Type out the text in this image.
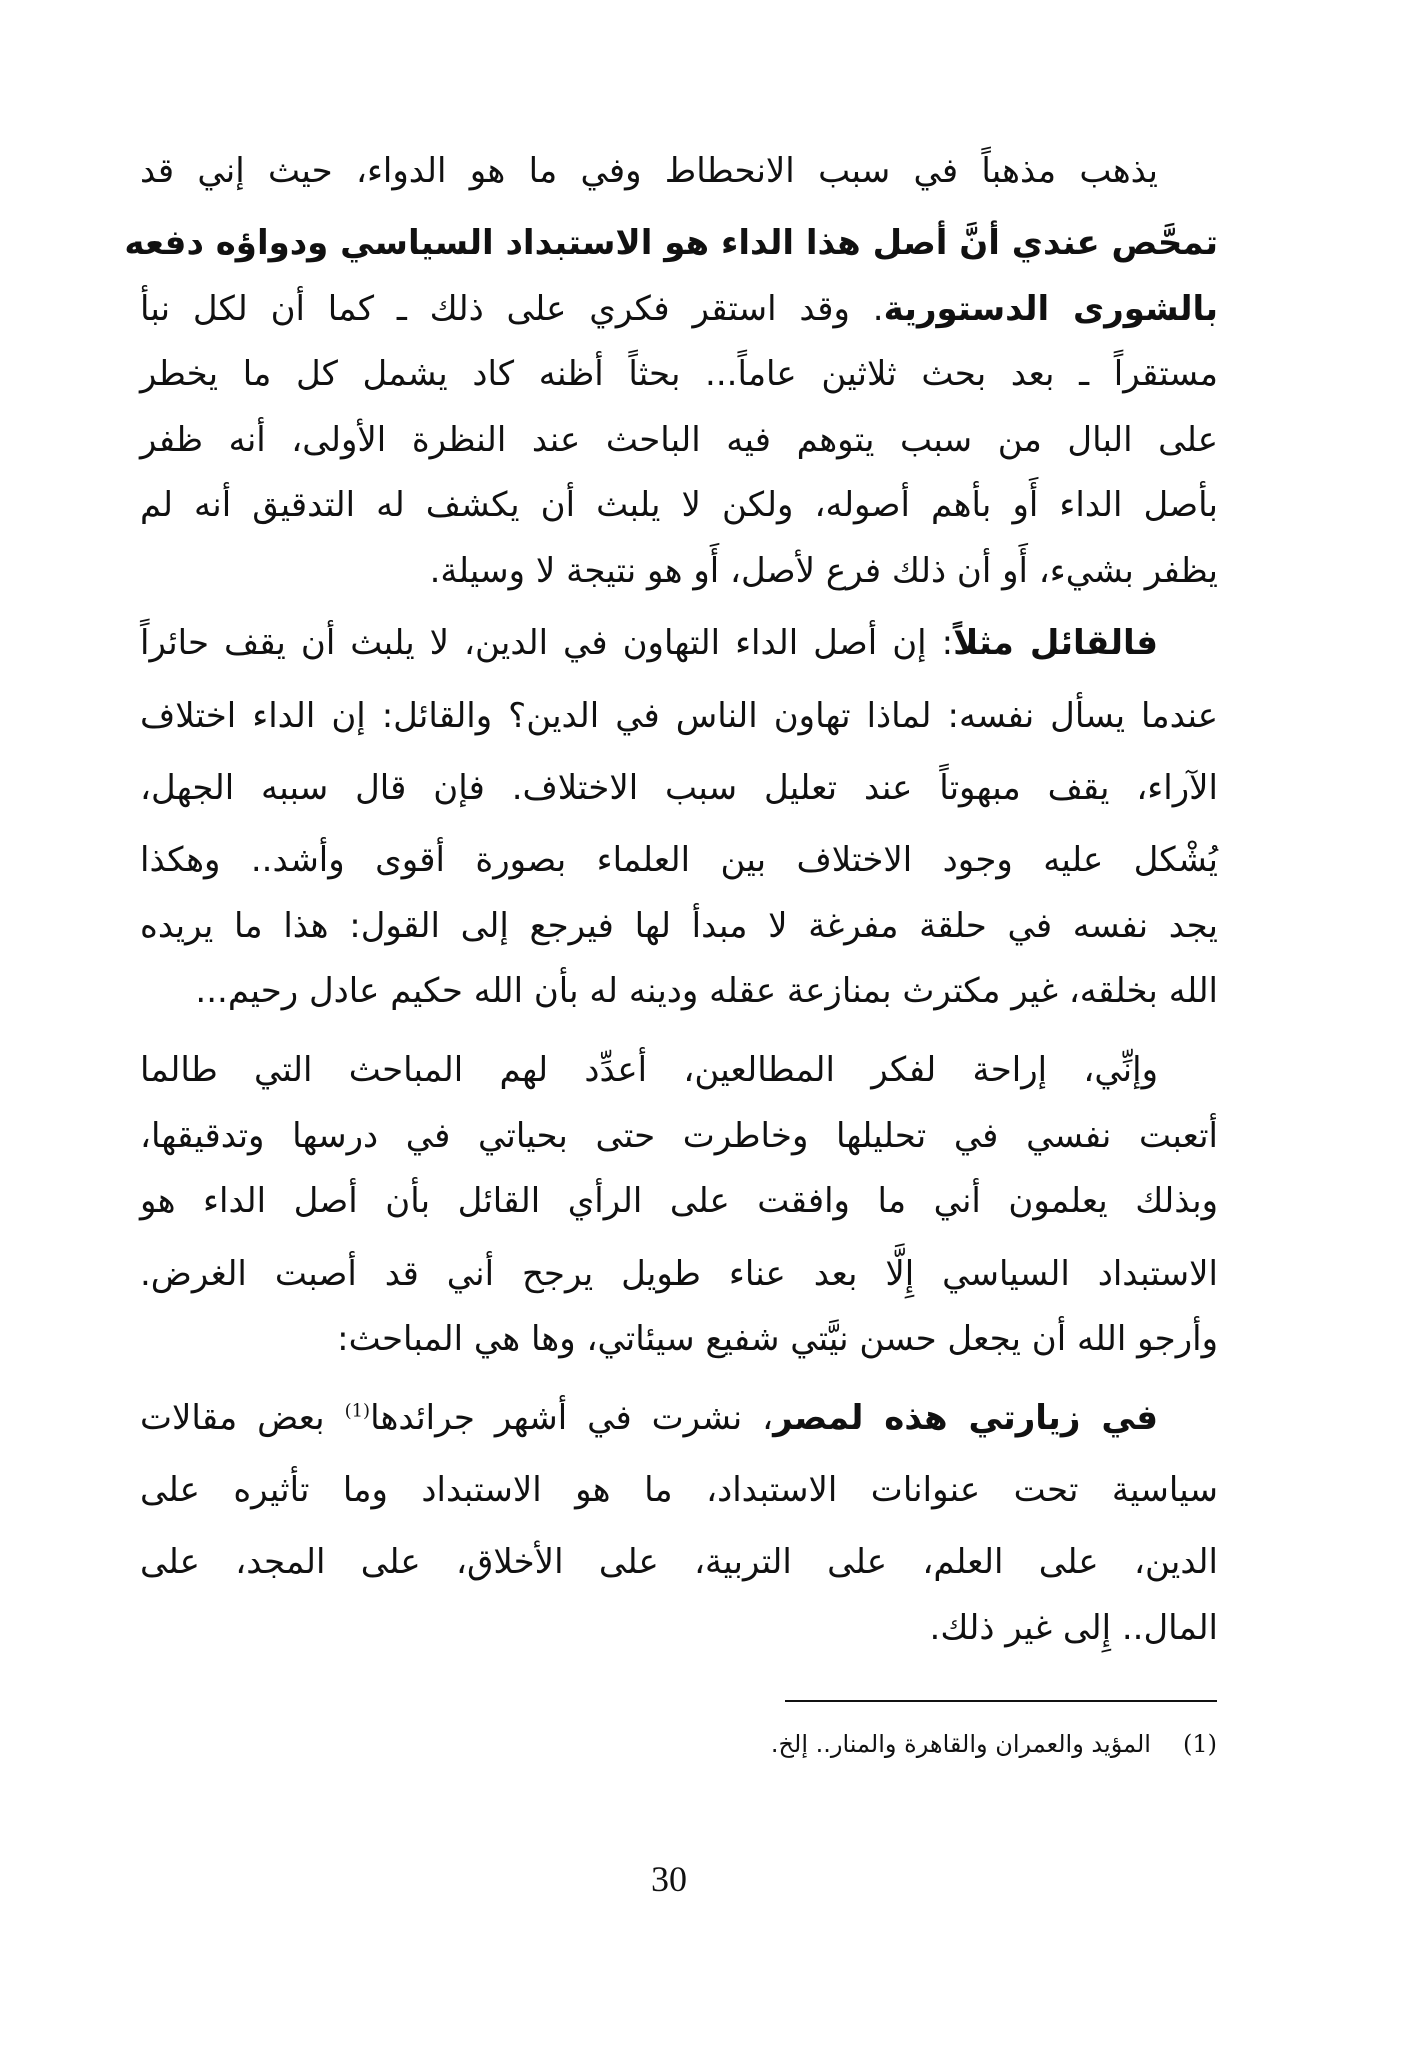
يذهب مذهباً في سبب الانحطاط وفي ما هو الدواء، حيث إني قد
تمحَّص عندي أنَّ أصل هذا الداء هو الاستبداد السياسي ودواؤه دفعه
بالشورى الدستورية. وقد استقر فكري على ذلك ـ كما أن لكل نبأ
مستقراً ـ بعد بحث ثلاثين عاماً... بحثاً أظنه كاد يشمل كل ما يخطر
على البال من سبب يتوهم فيه الباحث عند النظرة الأولى، أنه ظفر
بأصل الداء أَو بأهم أصوله، ولكن لا يلبث أن يكشف له التدقيق أنه لم
يظفر بشيء، أَو أن ذلك فرع لأصل، أَو هو نتيجة لا وسيلة.
فالقائل مثلاً: إن أصل الداء التهاون في الدين، لا يلبث أن يقف حائراً
عندما يسأل نفسه: لماذا تهاون الناس في الدين؟ والقائل: إن الداء اختلاف
الآراء، يقف مبهوتاً عند تعليل سبب الاختلاف. فإن قال سببه الجهل،
يُشْكل عليه وجود الاختلاف بين العلماء بصورة أقوى وأشد.. وهكذا
يجد نفسه في حلقة مفرغة لا مبدأ لها فيرجع إلى القول: هذا ما يريده
الله بخلقه، غير مكترث بمنازعة عقله ودينه له بأن الله حكيم عادل رحيم...
وإنِّي، إراحة لفكر المطالعين، أعدِّد لهم المباحث التي طالما
أتعبت نفسي في تحليلها وخاطرت حتى بحياتي في درسها وتدقيقها،
وبذلك يعلمون أني ما وافقت على الرأي القائل بأن أصل الداء هو
الاستبداد السياسي إِلَّا بعد عناء طويل يرجح أني قد أصبت الغرض.
وأرجو الله أن يجعل حسن نيَّتي شفيع سيئاتي، وها هي المباحث:
في زيارتي هذه لمصر، نشرت في أشهر جرائدها$^{(1)}$ بعض مقالات
سياسية تحت عنوانات الاستبداد، ما هو الاستبداد وما تأثيره على
الدين، على العلم، على التربية، على الأخلاق، على المجد، على
المال.. إِلى غير ذلك.
(1)المؤيد والعمران والقاهرة والمنار.. إلخ.
30
